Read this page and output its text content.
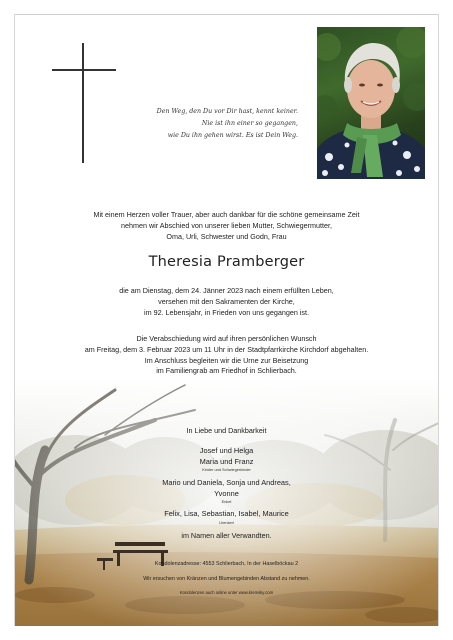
Den Weg, den Du vor Dir hast, kennt keiner.
Nie ist ihn einer so gegangen,
wie Du ihn gehen wirst. Es ist Dein Weg.
Mit einem Herzen voller Trauer, aber auch dankbar für die schöne gemeinsame Zeit
nehmen wir Abschied von unserer lieben Mutter, Schwiegermutter,
Oma, Urli, Schwester und Godn, Frau
Theresia Pramberger
die am Dienstag, dem 24. Jänner 2023 nach einem erfüllten Leben,
versehen mit den Sakramenten der Kirche,
im 92. Lebensjahr, in Frieden von uns gegangen ist.
Die Verabschiedung wird auf ihren persönlichen Wunsch
am Freitag, dem 3. Februar 2023 um 11 Uhr in der Stadtpfarrkirche Kirchdorf abgehalten.
Im Anschluss begleiten wir die Urne zur Beisetzung
im Familiengrab am Friedhof in Schlierbach.
In Liebe und Dankbarkeit
Josef und Helga
Maria und Franz
Kinder und Schwiegerkinder
Mario und Daniela, Sonja und Andreas,
Yvonne
Enkel
Felix, Lisa, Sebastian, Isabel, Maurice
Urenkerl
im Namen aller Verwandten.
Kondolenzadresse: 4553 Schlierbach, In der Haselböckau 2
Wir ersuchen von Kränzen und Blumengebinden Abstand zu nehmen.
Kondolenzen auch online unter www.kremsky.com
